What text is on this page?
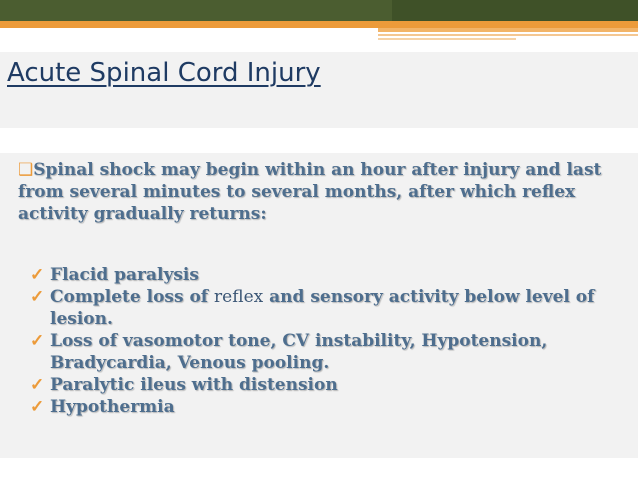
Acute Spinal Cord Injury
❑Spinal shock may begin within an hour after injury and last from several minutes to several months, after which reflex activity gradually returns:
✓ Flacid paralysis
✓ Complete loss of reflex and sensory activity below level of lesion.
✓ Loss of vasomotor tone, CV instability, Hypotension, Bradycardia, Venous pooling.
✓ Paralytic ileus with distension
✓ Hypothermia
